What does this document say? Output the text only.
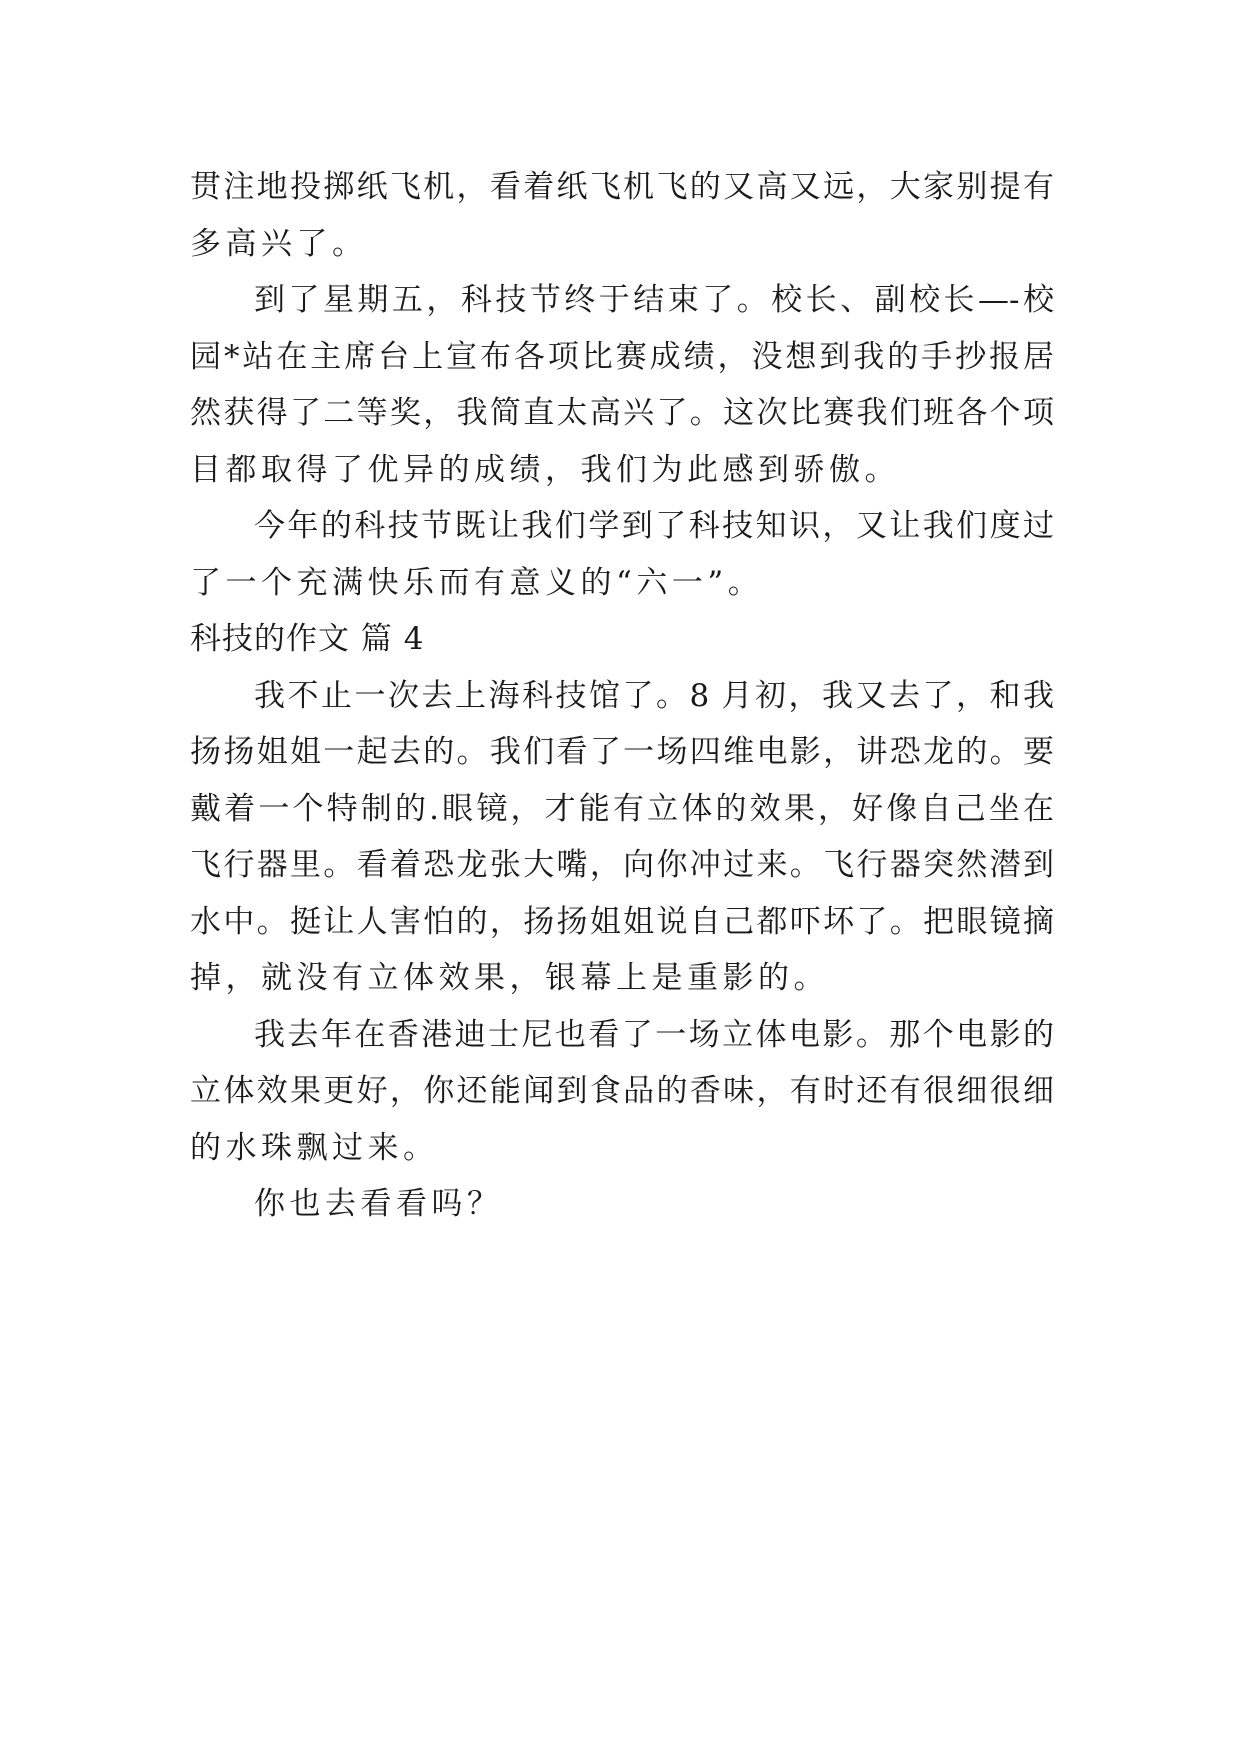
贯注地投掷纸飞机，看着纸飞机飞的又高又远，大家别提有
多高兴了。
到了星期五，科技节终于结束了。校长、副校长—-校
园*站在主席台上宣布各项比赛成绩，没想到我的手抄报居
然获得了二等奖，我简直太高兴了。这次比赛我们班各个项
目都取得了优异的成绩，我们为此感到骄傲。
今年的科技节既让我们学到了科技知识，又让我们度过
了一个充满快乐而有意义的“六一”。
科技的作文 篇 4
我不止一次去上海科技馆了。8 月初，我又去了，和我
扬扬姐姐一起去的。我们看了一场四维电影，讲恐龙的。要
戴着一个特制的.眼镜，才能有立体的效果，好像自己坐在
飞行器里。看着恐龙张大嘴，向你冲过来。飞行器突然潜到
水中。挺让人害怕的，扬扬姐姐说自己都吓坏了。把眼镜摘
掉，就没有立体效果，银幕上是重影的。
我去年在香港迪士尼也看了一场立体电影。那个电影的
立体效果更好，你还能闻到食品的香味，有时还有很细很细
的水珠飘过来。
你也去看看吗？
